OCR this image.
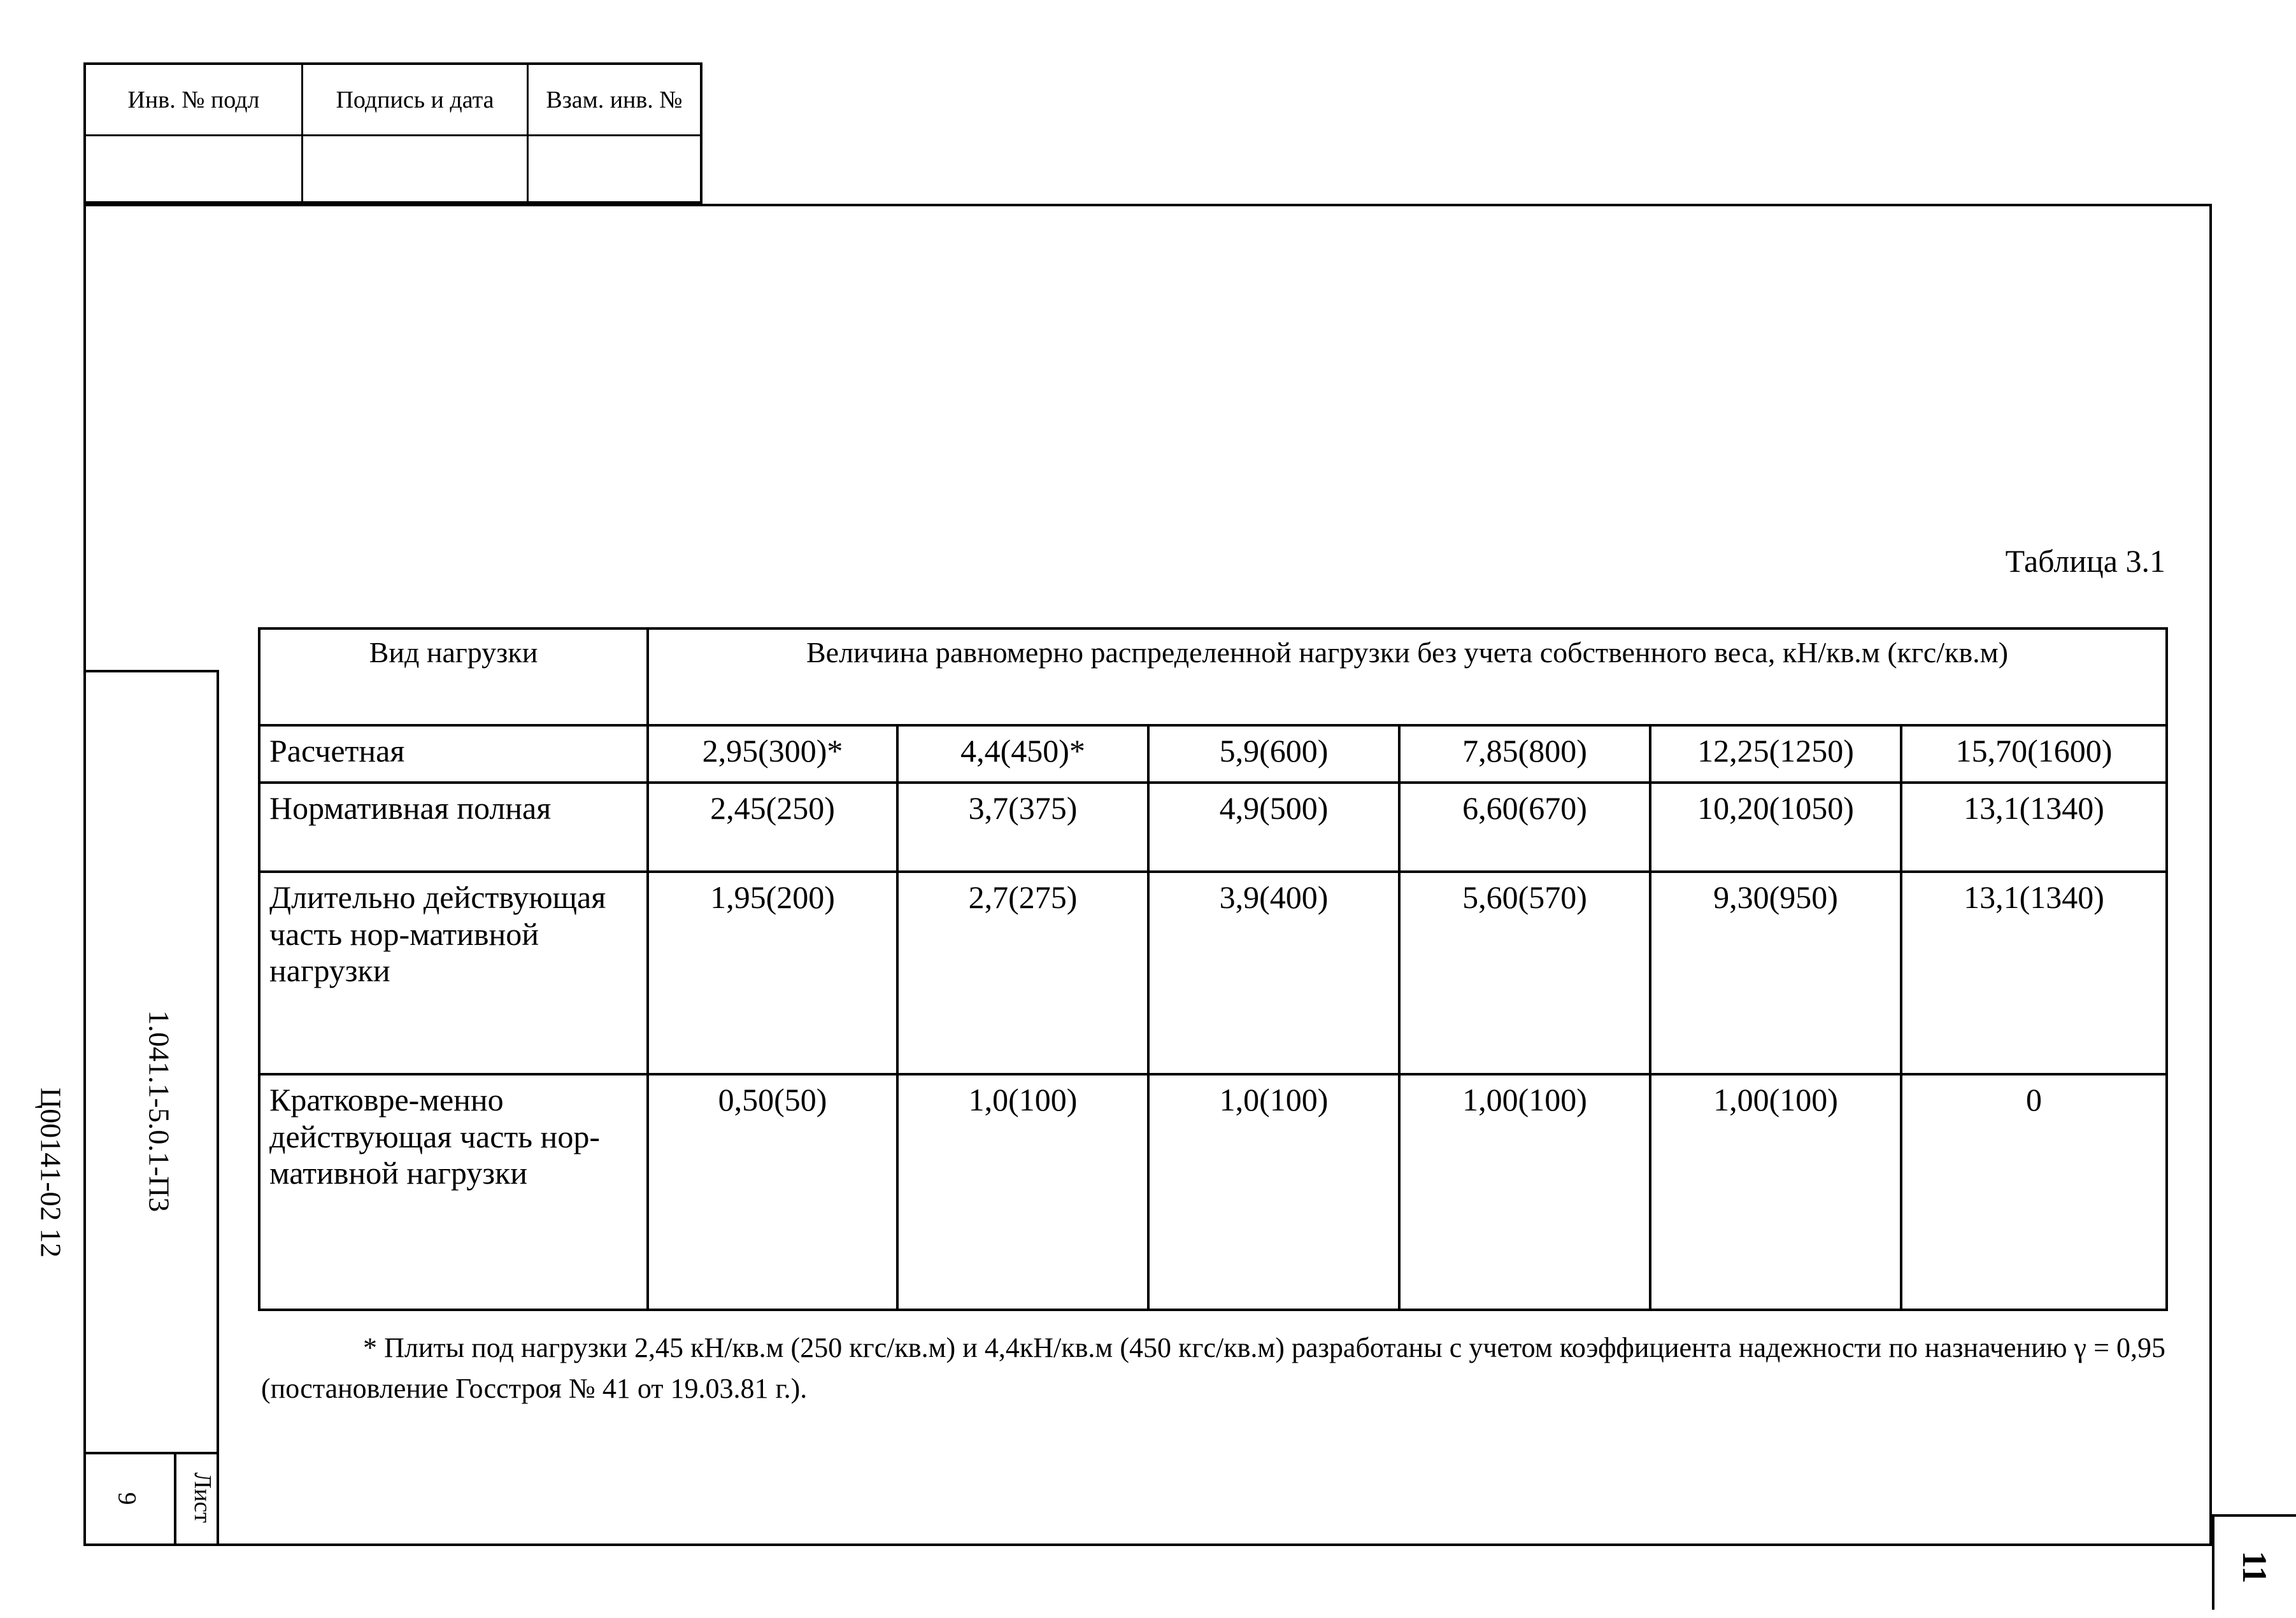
Инв. № подл	Подпись и дата	Взам. инв. №
1.041.1-5.0.1-П3
Лист
9
Ц00141-02 12
11
Таблица 3.1
Вид нагрузки	Величина равномерно распределенной нагрузки без учета собственного веса, кН/кв.м (кгс/кв.м)					
Расчетная	2,95(300)*	4,4(450)*	5,9(600)	7,85(800)	12,25(1250)	15,70(1600)
Нормативная полная	2,45(250)	3,7(375)	4,9(500)	6,60(670)	10,20(1050)	13,1(1340)
Длительно действующая часть нор-мативной нагрузки	1,95(200)	2,7(275)	3,9(400)	5,60(570)	9,30(950)	13,1(1340)
Кратковре-менно действующая часть нор-мативной нагрузки	0,50(50)	1,0(100)	1,0(100)	1,00(100)	1,00(100)	0
* Плиты под нагрузки 2,45 кН/кв.м (250 кгс/кв.м) и 4,4кН/кв.м (450 кгс/кв.м) разработаны с учетом коэффициента надежности по назначению γ = 0,95 (постановление Госстроя № 41 от 19.03.81 г.).
